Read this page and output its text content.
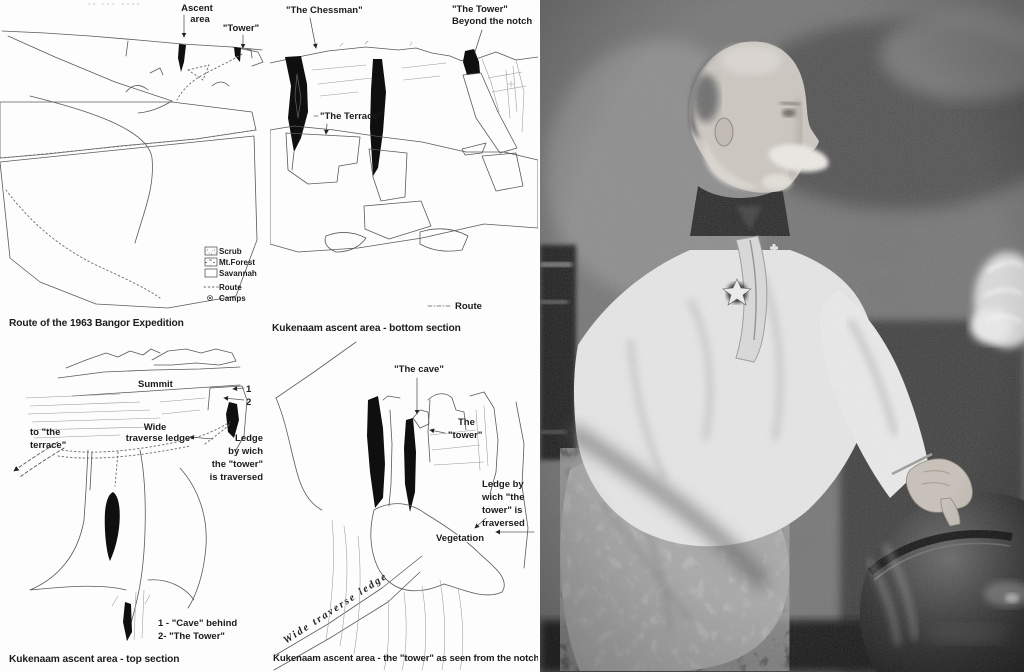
Ascent
area
"Tower"
Scrub
Mt.Forest
Savannah
Route
Camps
Route of the 1963 Bangor Expedition
"The Chessman"	"The Tower"
Beyond the notch
"The Terrace"
Route
Kukenaam ascent area - bottom section
Summit	1
2
to "the
terrace"
Wide
traverse ledge	Ledge
by wich
the "tower"
is traversed
1 - "Cave" behind
2- "The Tower"
Kukenaam ascent area - top section
"The cave"
The
"tower"
Vegetation
Wide traverse ledge
Ledge by
wich "the
tower" is
traversed
Kukenaam ascent area - the "tower" as seen from the notch
